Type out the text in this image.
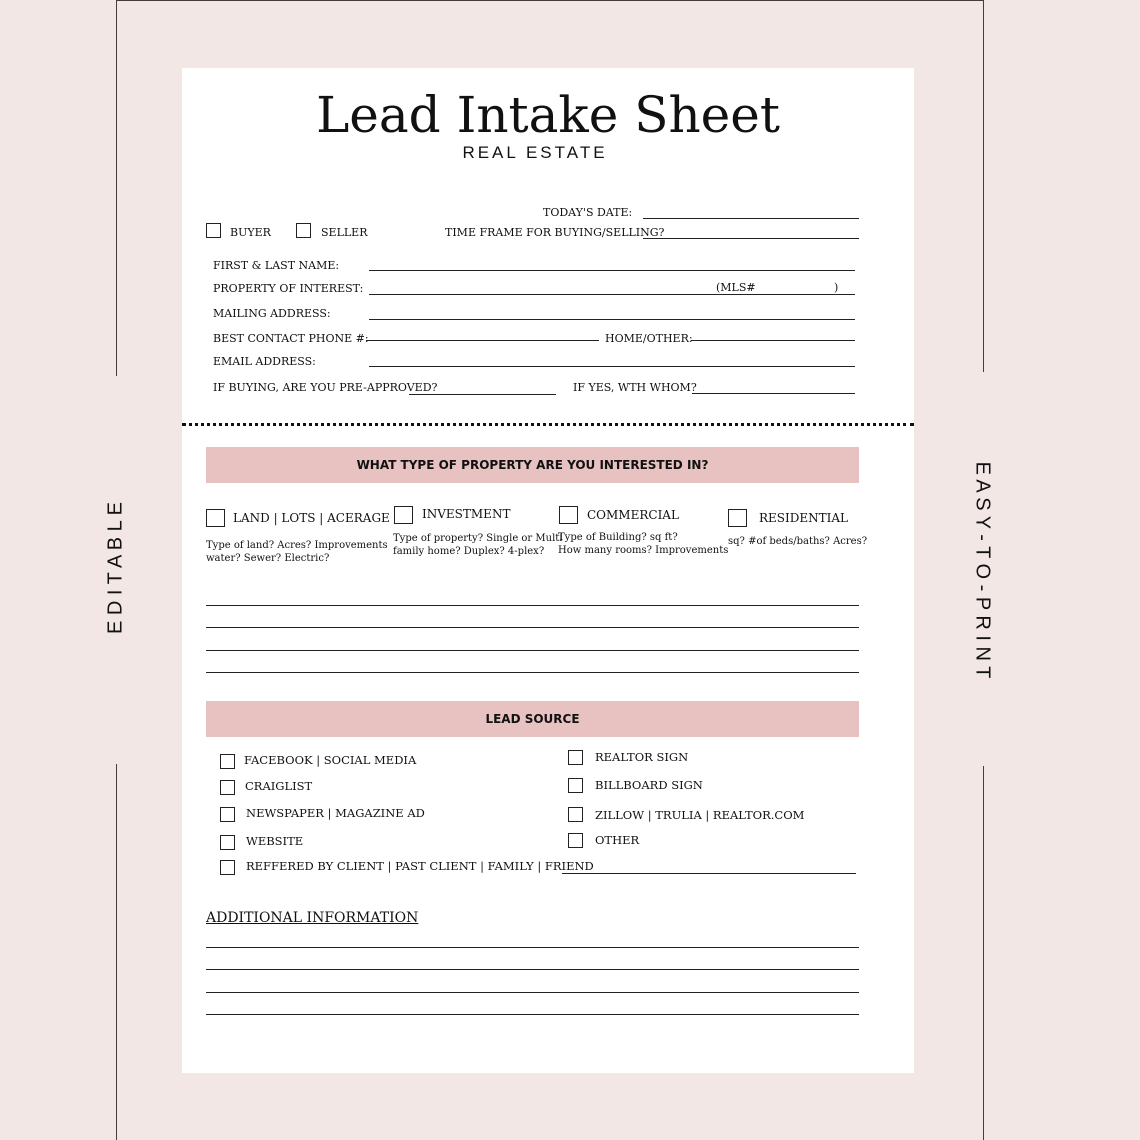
E D I T A B L E	E A S Y - T O - P R I N T
Lead Intake Sheet
REAL ESTATE
TODAY'S DATE:
BUYER	SELLER	TIME FRAME FOR BUYING/SELLING?
FIRST & LAST NAME:
PROPERTY OF INTEREST:	(MLS#	)
MAILING ADDRESS:
BEST CONTACT PHONE #:	HOME/OTHER:
EMAIL ADDRESS:
IF BUYING, ARE YOU PRE-APPROVED?	IF YES, WTH WHOM?
WHAT TYPE OF PROPERTY ARE YOU INTERESTED IN?
LAND | LOTS | ACERAGE
Type of land? Acres? Improvements
water? Sewer? Electric?
INVESTMENT
Type of property? Single or Multi
family home? Duplex? 4-plex?
COMMERCIAL
Type of Building? sq ft?
How many rooms? Improvements
RESIDENTIAL
sq? #of beds/baths? Acres?
LEAD SOURCE
FACEBOOK | SOCIAL MEDIA
CRAIGLIST
NEWSPAPER | MAGAZINE AD
WEBSITE
REALTOR SIGN
BILLBOARD SIGN
ZILLOW | TRULIA | REALTOR.COM
OTHER
REFFERED BY CLIENT | PAST CLIENT | FAMILY | FRIEND
ADDITIONAL INFORMATION
